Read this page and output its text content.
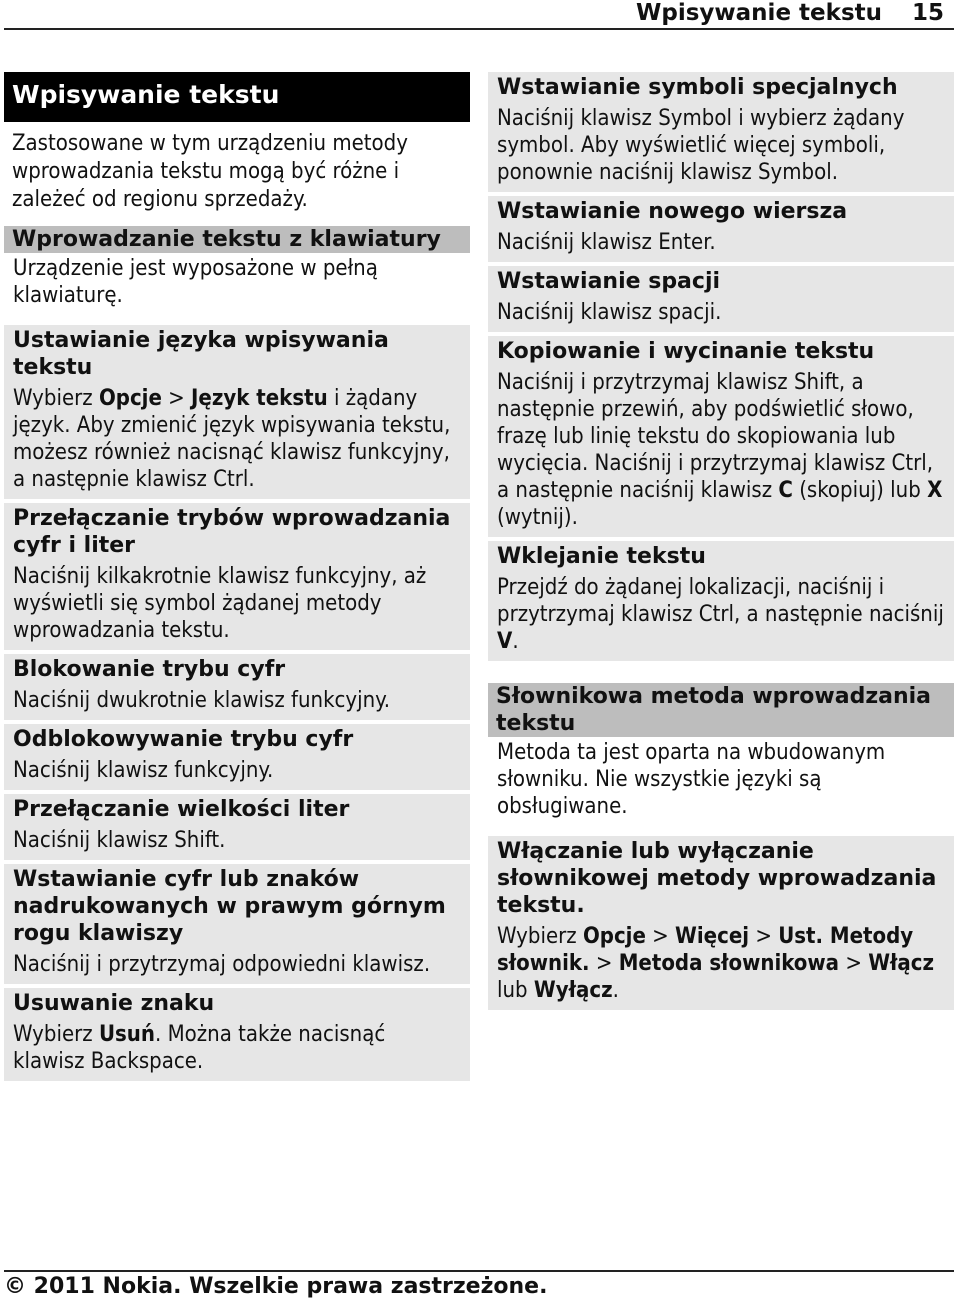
Wpisywanie tekstu 15
Wpisywanie tekstu
Zastosowane w tym urządzeniu metody wprowadzania tekstu mogą być różne i zależeć od regionu sprzedaży.
Wprowadzanie tekstu z klawiatury
Urządzenie jest wyposażone w pełną klawiaturę.
Ustawianie języka wpisywania tekstu
Wybierz Opcje > Język tekstu i żądany język. Aby zmienić język wpisywania tekstu, możesz również nacisnąć klawisz funkcyjny, a następnie klawisz Ctrl.
Przełączanie trybów wprowadzania cyfr i liter
Naciśnij kilkakrotnie klawisz funkcyjny, aż wyświetli się symbol żądanej metody wprowadzania tekstu.
Blokowanie trybu cyfr
Naciśnij dwukrotnie klawisz funkcyjny.
Odblokowywanie trybu cyfr
Naciśnij klawisz funkcyjny.
Przełączanie wielkości liter
Naciśnij klawisz Shift.
Wstawianie cyfr lub znaków nadrukowanych w prawym górnym rogu klawiszy
Naciśnij i przytrzymaj odpowiedni klawisz.
Usuwanie znaku
Wybierz Usuń. Można także nacisnąć klawisz Backspace.
Wstawianie symboli specjalnych
Naciśnij klawisz Symbol i wybierz żądany symbol. Aby wyświetlić więcej symboli, ponownie naciśnij klawisz Symbol.
Wstawianie nowego wiersza
Naciśnij klawisz Enter.
Wstawianie spacji
Naciśnij klawisz spacji.
Kopiowanie i wycinanie tekstu
Naciśnij i przytrzymaj klawisz Shift, a następnie przewiń, aby podświetlić słowo, frazę lub linię tekstu do skopiowania lub wycięcia. Naciśnij i przytrzymaj klawisz Ctrl, a następnie naciśnij klawisz C (skopiuj) lub X (wytnij).
Wklejanie tekstu
Przejdź do żądanej lokalizacji, naciśnij i przytrzymaj klawisz Ctrl, a następnie naciśnij V.
Słownikowa metoda wprowadzania tekstu
Metoda ta jest oparta na wbudowanym słowniku. Nie wszystkie języki są obsługiwane.
Włączanie lub wyłączanie słownikowej metody wprowadzania tekstu.
Wybierz Opcje > Więcej > Ust. Metody słownik. > Metoda słownikowa > Włącz lub Wyłącz.
© 2011 Nokia. Wszelkie prawa zastrzeżone.
